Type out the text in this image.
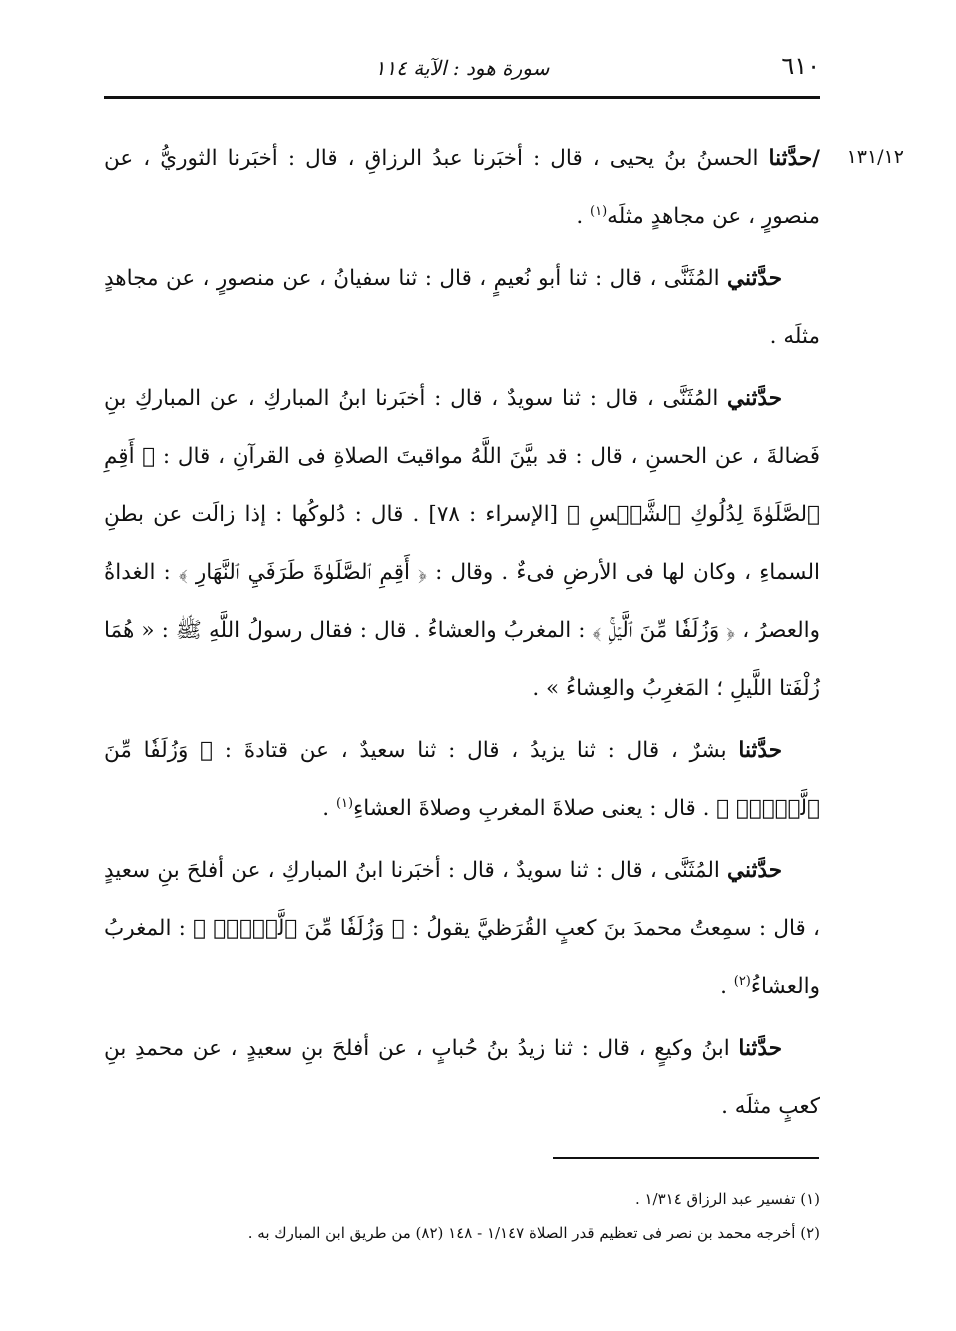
٦١٠
سورة هود : الآية ١١٤
١٣١/١٢

/حدَّثنا الحسنُ بنُ يحيى ، قال : أخبَرنا عبدُ الرزاقِ ، قال : أخبَرنا الثوريُّ ، عن منصورٍ ، عن مجاهدٍ مثلَه$^{(١)}$ .

حدَّثني المُثَنَّى ، قال : ثنا أبو نُعيمٍ ، قال : ثنا سفيانُ ، عن منصورٍ ، عن مجاهدٍ مثلَه .

حدَّثني المُثَنَّى ، قال : ثنا سويدٌ ، قال : أخبَرنا ابنُ المباركِ ، عن المباركِ بنِ فَضالةَ ، عن الحسنِ ، قال : قد بيَّنَ اللَّهُ مواقيتَ الصلاةِ فى القرآنِ ، قال : ﴿ أَقِمِ ٱلصَّلَوٰةَ لِدُلُوكِ ٱلشَّمۡسِ ﴾ [الإسراء : ٧٨] . قال : دُلوكُها : إذا زالَت عن بطنِ السماءِ ، وكان لها فى الأرضِ فىءٌ . وقال : ﴿ أَقِمِ ٱلصَّلَوٰةَ طَرَفَيِ ٱلنَّهَارِ ﴾ : الغداةُ والعصرُ ، ﴿ وَزُلَفٗا مِّنَ ٱلَّيۡلِۚ ﴾ : المغربُ والعشاءُ . قال : فقال رسولُ اللَّهِ ﷺ : « هُمَا زُلْفَتا اللَّيلِ ؛ المَغرِبُ والعِشاءُ » .

حدَّثنا بشرٌ ، قال : ثنا يزيدُ ، قال : ثنا سعيدٌ ، عن قتادةَ : ﴿ وَزُلَفٗا مِّنَ ٱلَّيۡلِۚ ﴾ . قال : يعنى صلاةَ المغربِ وصلاةَ العشاءِ$^{(١)}$ .

حدَّثني المُثَنَّى ، قال : ثنا سويدٌ ، قال : أخبَرنا ابنُ المباركِ ، عن أفلحَ بنِ سعيدٍ ، قال : سمِعتُ محمدَ بنَ كعبٍ القُرَظيَّ يقولُ : ﴿ وَزُلَفٗا مِّنَ ٱلَّيۡلِۚ ﴾ : المغربُ والعشاءُ$^{(٢)}$ .

حدَّثنا ابنُ وكيعٍ ، قال : ثنا زيدُ بنُ حُبابٍ ، عن أفلحَ بنِ سعيدٍ ، عن محمدِ بنِ كعبٍ مثلَه .

(١) تفسير عبد الرزاق ١/٣١٤ .
(٢) أخرجه محمد بن نصر فى تعظيم قدر الصلاة ١/١٤٧ - ١٤٨ (٨٢) من طريق ابن المبارك به .
